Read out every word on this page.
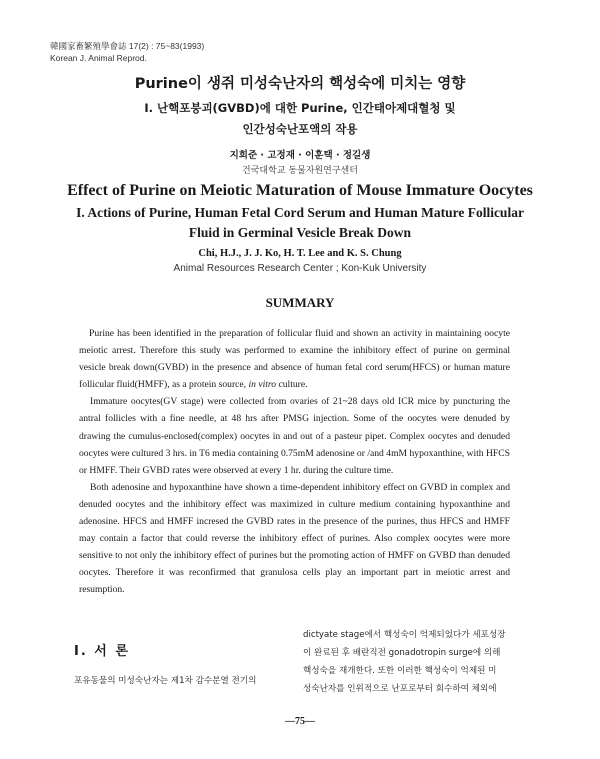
韓國家畜繁殖學會誌 17(2) : 75~83(1993)
Korean J. Animal Reprod.
Purine이 생쥐 미성숙난자의 핵성숙에 미치는 영향
I. 난핵포붕괴(GVBD)에 대한 Purine, 인간태아제대혈청 및
인간성숙난포액의 작용
지희준 · 고정재 · 이훈택 · 정길생
건국대학교 동물자원연구센터
Effect of Purine on Meiotic Maturation of Mouse Immature Oocytes
I. Actions of Purine, Human Fetal Cord Serum and Human Mature Follicular
Fluid in Germinal Vesicle Break Down
Chi, H.J., J. J. Ko, H. T. Lee and K. S. Chung
Animal Resources Research Center ; Kon-Kuk University
SUMMARY

Purine has been identified in the preparation of follicular fluid and shown an activity in maintaining oocyte meiotic arrest. Therefore this study was performed to examine the inhibitory effect of purine on germinal vesicle break down(GVBD) in the presence and absence of human fetal cord serum(HFCS) or human mature follicular fluid(HMFF), as a protein source, in vitro culture.

Immature oocytes(GV stage) were collected from ovaries of 21~28 days old ICR mice by puncturing the antral follicles with a fine needle, at 48 hrs after PMSG injection. Some of the oocytes were denuded by drawing the cumulus-enclosed(complex) oocytes in and out of a pasteur pipet. Complex oocytes and denuded oocytes were cultured 3 hrs. in T6 media containing 0.75mM adenosine or /and 4mM hypoxanthine, with HFCS or HMFF. Their GVBD rates were observed at every 1 hr. during the culture time.

Both adenosine and hypoxanthine have shown a time-dependent inhibitory effect on GVBD in complex and denuded oocytes and the inhibitory effect was maximized in culture medium containing hypoxanthine and adenosine. HFCS and HMFF incresed the GVBD rates in the presence of the purines, thus HFCS and HMFF may contain a factor that could reverse the inhibitory effect of purines. Also complex oocytes were more sensitive to not only the inhibitory effect of purines but the promoting action of HMFF on GVBD than denuded oocytes. Therefore it was reconfirmed that granulosa cells play an important part in meiotic arrest and resumption.

I. 서 론
포유동물의 미성숙난자는 제1차 감수분열 전기의
dictyate stage에서 핵성숙이 억제되었다가 세포성장
이 완료된 후 배란직전 gonadotropin surge에 의해
핵성숙을 재개한다. 또한 이러한 핵성숙이 억제된 미
성숙난자를 인위적으로 난포로부터 회수하여 체외에
—75—
